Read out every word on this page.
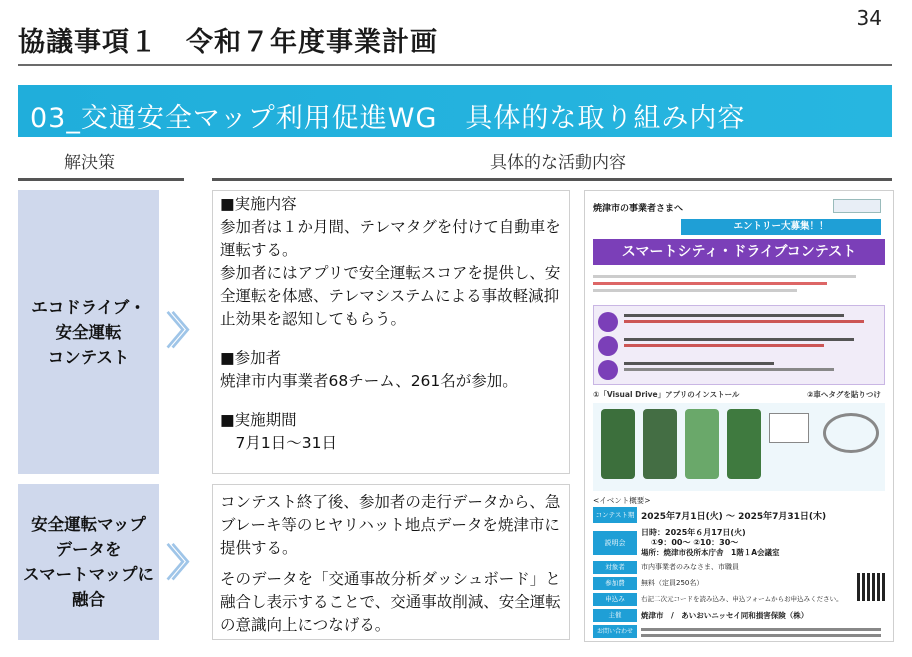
34
協議事項１　令和７年度事業計画
03_交通安全マップ利用促進WG　具体的な取り組み内容
解決策	具体的な活動内容
エコドライブ・
安全運転
コンテスト
〉〉
■実施内容
参加者は１か月間、テレマタグを付けて自動車を運転する。
参加者にはアプリで安全運転スコアを提供し、安全運転を体感、テレマシステムによる事故軽減抑止効果を認知してもらう。
■参加者
焼津市内事業者68チーム、261名が参加。
■実施期間
　7月1日～31日
安全運転マップ
データを
スマートマップに
融合
〉〉
コンテスト終了後、参加者の走行データから、急ブレーキ等のヒヤリハット地点データを焼津市に提供する。
そのデータを「交通事故分析ダッシュボード」と融合し表示することで、交通事故削減、安全運転の意識向上につなげる。
焼津市の事業者さまへ
エントリー大募集！！
スマートシティ・ドライブコンテスト
①「Visual Drive」アプリのインストール	②車へタグを貼りつけ
<イベント概要>
コンテスト期 2025年7月1日(火) ～ 2025年7月31日(木)
説明会
日時：2025年６月17日(火)
①9：00～ ②10：30～
場所：焼津市役所本庁舎　1階１A会議室
対象者	市内事業者のみなさま、市職員
参加費	無料（定員250名）
申込み	右記二次元コードを読み込み、申込フォームからお申込みください。
主催	焼津市　/　あいおいニッセイ同和損害保険（株）
お問い合わせ
